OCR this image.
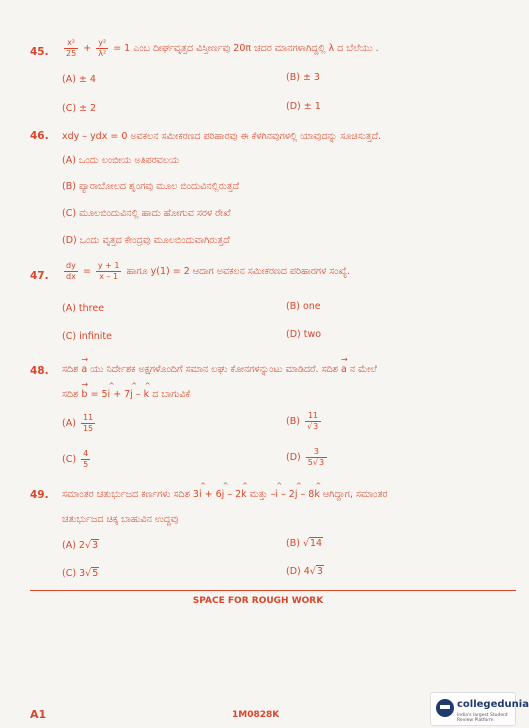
45. $\frac{\text{x²}}{25} + \frac{\text{y²}}{\text{λ²}} = 1$ ಎಂಬ ದೀರ್ಘವೃತ್ತದ ವಿಸ್ತೀರ್ಣವು 20π ಚದರ ಮಾನಗಳಾಗಿದ್ದಲ್ಲಿ λ ದ ಬೆಲೆಯು .
(A) ± 4	(B) ± 3
(C) ± 2	(D) ± 1
46. xdy – ydx = 0 ಅವಕಲನ ಸಮೀಕರಣದ ಪರಿಹಾರವು ಈ ಕೆಳಗಿನವುಗಳಲ್ಲಿ ಯಾವುದನ್ನು ಸೂಚಿಸುತ್ತದೆ.
(A) ಒಂದು ಲಂಬೀಯ ಅತಿಪರವಲಯ
(B) ಪ್ಯಾರಾಬೋಲದ ಶೃಂಗವು ಮೂಲ ಬಿಂದುವಿನಲ್ಲಿರುತ್ತದೆ
(C) ಮೂಲಬಿಂದುವಿನಲ್ಲಿ ಹಾದು ಹೋಗುವ ಸರಳ ರೇಖೆ
(D) ಒಂದು ವೃತ್ತದ ಕೇಂದ್ರವು ಮೂಲಬಿಂದುವಾಗಿರುತ್ತದೆ
47. $\frac{dy}{dx} = \frac{y + 1}{x - 1}$ ಹಾಗೂ y(1) = 2 ಆದಾಗ ಅವಕಲನ ಸಮೀಕರಣದ ಪರಿಹಾರಗಳ ಸಂಖ್ಯೆ.
(A) three	(B) one
(C) infinite	(D) two
48. ಸದಿಶ → a ಯು ನಿರ್ದೇಶಕ ಅಕ್ಷಗಳೊಂದಿಗೆ ಸಮಾನ ಲಘು ಕೋನಗಳನ್ನುಂಟು ಮಾಡಿದರೆ. ಸದಿಶ → a ನ ಮೇಲೆ
ಸದಿಶ → b = 5^ i + 7^ j – ^ k ದ ಬಾಗುವಿಕೆ
$(A) \frac{11}{15}$	$(B) \frac{11}{√3}$
$(C) \frac{4}{5}$	$(D) \frac{3}{5√3}$
49. ಸಮಾಂತರ ಚತುರ್ಭುಜದ ಕರ್ಣಗಳು ಸದಿಶ 3^ i + 6^ j – 2^ k ಮತ್ತು –^ i – 2^ j – 8^ k ಆಗಿದ್ದಾಗ, ಸಮಾಂತರ
ಚತುರ್ಭುಜದ ಚಿಕ್ಕ ಬಾಹುವಿನ ಉದ್ದವು
(A) 2√3	(B) √14
(C) 3√5	(D) 4√3
SPACE FOR ROUGH WORK
A1	1M0828K
collegedunia
India's largest Student Review Platform
